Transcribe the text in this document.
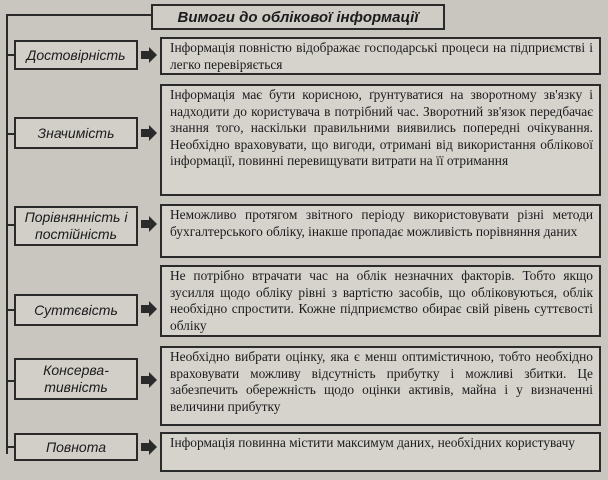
Вимоги до облікової інформації
Достовірність	Інформація повністю відображає господарські процеси на підприємстві і легко перевіряється
Значимість
Інформація має бути корисною, ґрунтуватися на зворотному зв'язку і надходити до користувача в потрібний час. Зворотний зв'язок передбачає знання того, наскільки правильними виявились попередні очікування. Необхідно враховувати, що вигоди, отримані від використання облікової інформації, повинні перевищувати витрати на її отримання
Порівнянність і постійність
Неможливо протягом звітного періоду використовувати різні методи бухгалтерського обліку, інакше пропадає можливість порівняння даних
Суттєвість
Не потрібно втрачати час на облік незначних факторів. Тобто якщо зусилля щодо обліку рівні з вартістю засобів, що обліковуються, облік необхідно спростити. Кожне підприємство обирає свій рівень суттєвості обліку
Консерва-тивність
Необхідно вибрати оцінку, яка є менш оптимістичною, тобто необхідно враховувати можливу відсутність прибутку і можливі збитки. Це забезпечить обережність щодо оцінки активів, майна і у визначенні величини прибутку
Повнота	Інформація повинна містити максимум даних, необхідних користувачу
